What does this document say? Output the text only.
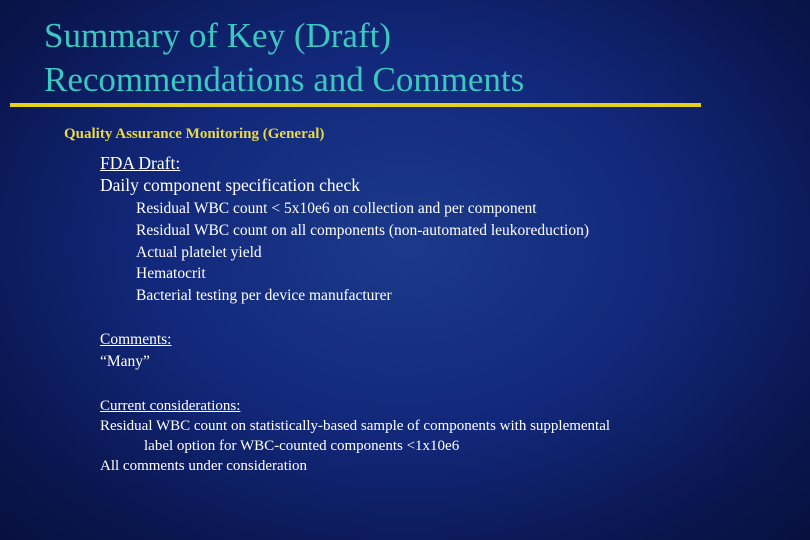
Summary of Key (Draft)
Recommendations and Comments
Quality Assurance Monitoring (General)
FDA Draft:
Daily component specification check
Residual WBC count < 5x10e6 on collection and per component
Residual WBC count on all components (non-automated leukoreduction)
Actual platelet yield
Hematocrit
Bacterial testing per device manufacturer
Comments:
“Many”
Current considerations:
Residual WBC count on statistically-based sample of components with supplemental
label option for WBC-counted components <1x10e6
All comments under consideration
